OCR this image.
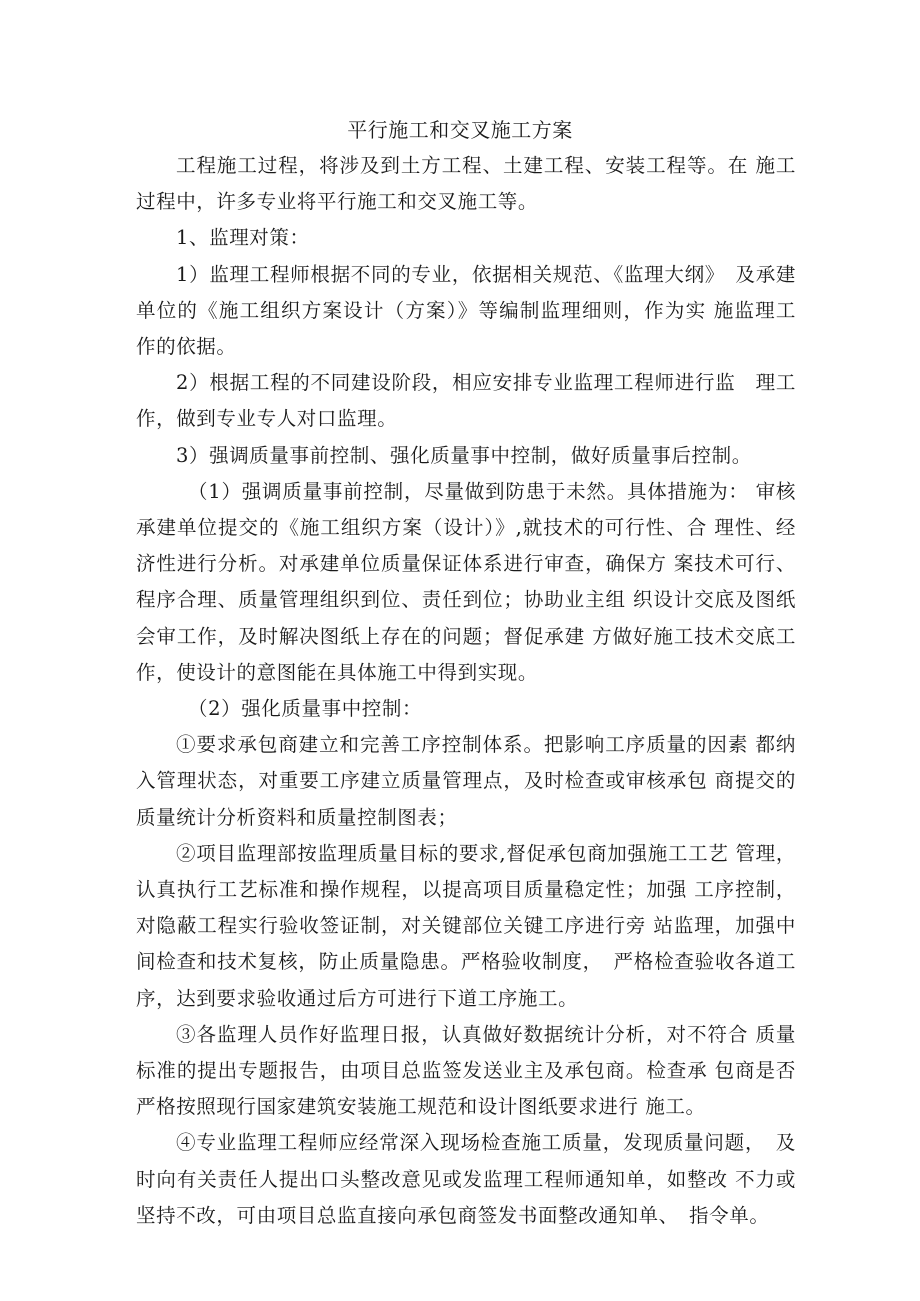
平行施工和交叉施工方案

工程施工过程，将涉及到土方工程、土建工程、安装工程等。在 施工过程中，许多专业将平行施工和交叉施工等。

1、监理对策：

1）监理工程师根据不同的专业，依据相关规范、《监理大纲》　及承建单位的《施工组织方案设计（方案）》等编制监理细则，作为实 施监理工作的依据。

2）根据工程的不同建设阶段，相应安排专业监理工程师进行监　理工作，做到专业专人对口监理。

3）强调质量事前控制、强化质量事中控制，做好质量事后控制。

（1）强调质量事前控制，尽量做到防患于未然。具体措施为： 审核承建单位提交的《施工组织方案（设计）》,就技术的可行性、合 理性、经济性进行分析。对承建单位质量保证体系进行审查，确保方 案技术可行、程序合理、质量管理组织到位、责任到位；协助业主组 织设计交底及图纸会审工作，及时解决图纸上存在的问题；督促承建 方做好施工技术交底工作，使设计的意图能在具体施工中得到实现。

（2）强化质量事中控制：

①要求承包商建立和完善工序控制体系。把影响工序质量的因素 都纳入管理状态，对重要工序建立质量管理点，及时检查或审核承包 商提交的质量统计分析资料和质量控制图表；

②项目监理部按监理质量目标的要求,督促承包商加强施工工艺 管理，认真执行工艺标准和操作规程，以提高项目质量稳定性；加强 工序控制，对隐蔽工程实行验收签证制，对关键部位关键工序进行旁 站监理，加强中间检查和技术复核，防止质量隐患。严格验收制度，　严格检查验收各道工序，达到要求验收通过后方可进行下道工序施工。

③各监理人员作好监理日报，认真做好数据统计分析，对不符合 质量标准的提出专题报告，由项目总监签发送业主及承包商。检查承 包商是否严格按照现行国家建筑安装施工规范和设计图纸要求进行 施工。

④专业监理工程师应经常深入现场检查施工质量，发现质量问题，　及时向有关责任人提出口头整改意见或发监理工程师通知单，如整改 不力或坚持不改，可由项目总监直接向承包商签发书面整改通知单、　指令单。
